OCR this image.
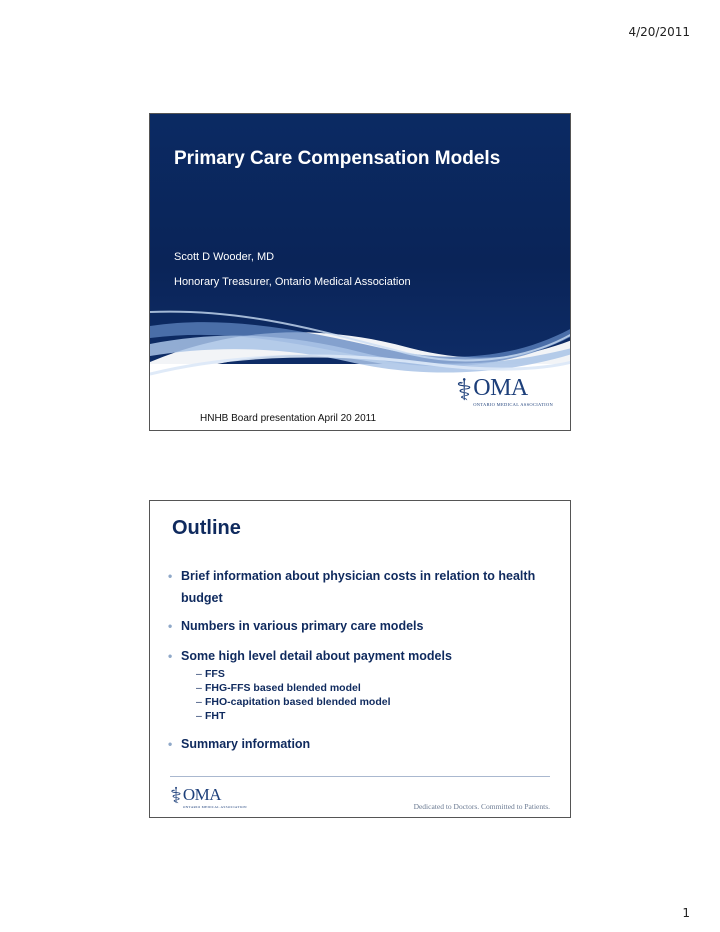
4/20/2011
Primary Care Compensation Models
Scott D Wooder, MD
Honorary Treasurer, Ontario Medical Association
⚕ OMA
ONTARIO MEDICAL ASSOCIATION
HNHB Board presentation April 20 2011
Outline
• Brief information about physician costs in relation to health budget
• Numbers in various primary care models
• Some high level detail about payment models
– FFS
– FHG-FFS based blended model
– FHO-capitation based blended model
– FHT
• Summary information
⚕ OMA
ONTARIO MEDICAL ASSOCIATION	Dedicated to Doctors. Committed to Patients.
1
